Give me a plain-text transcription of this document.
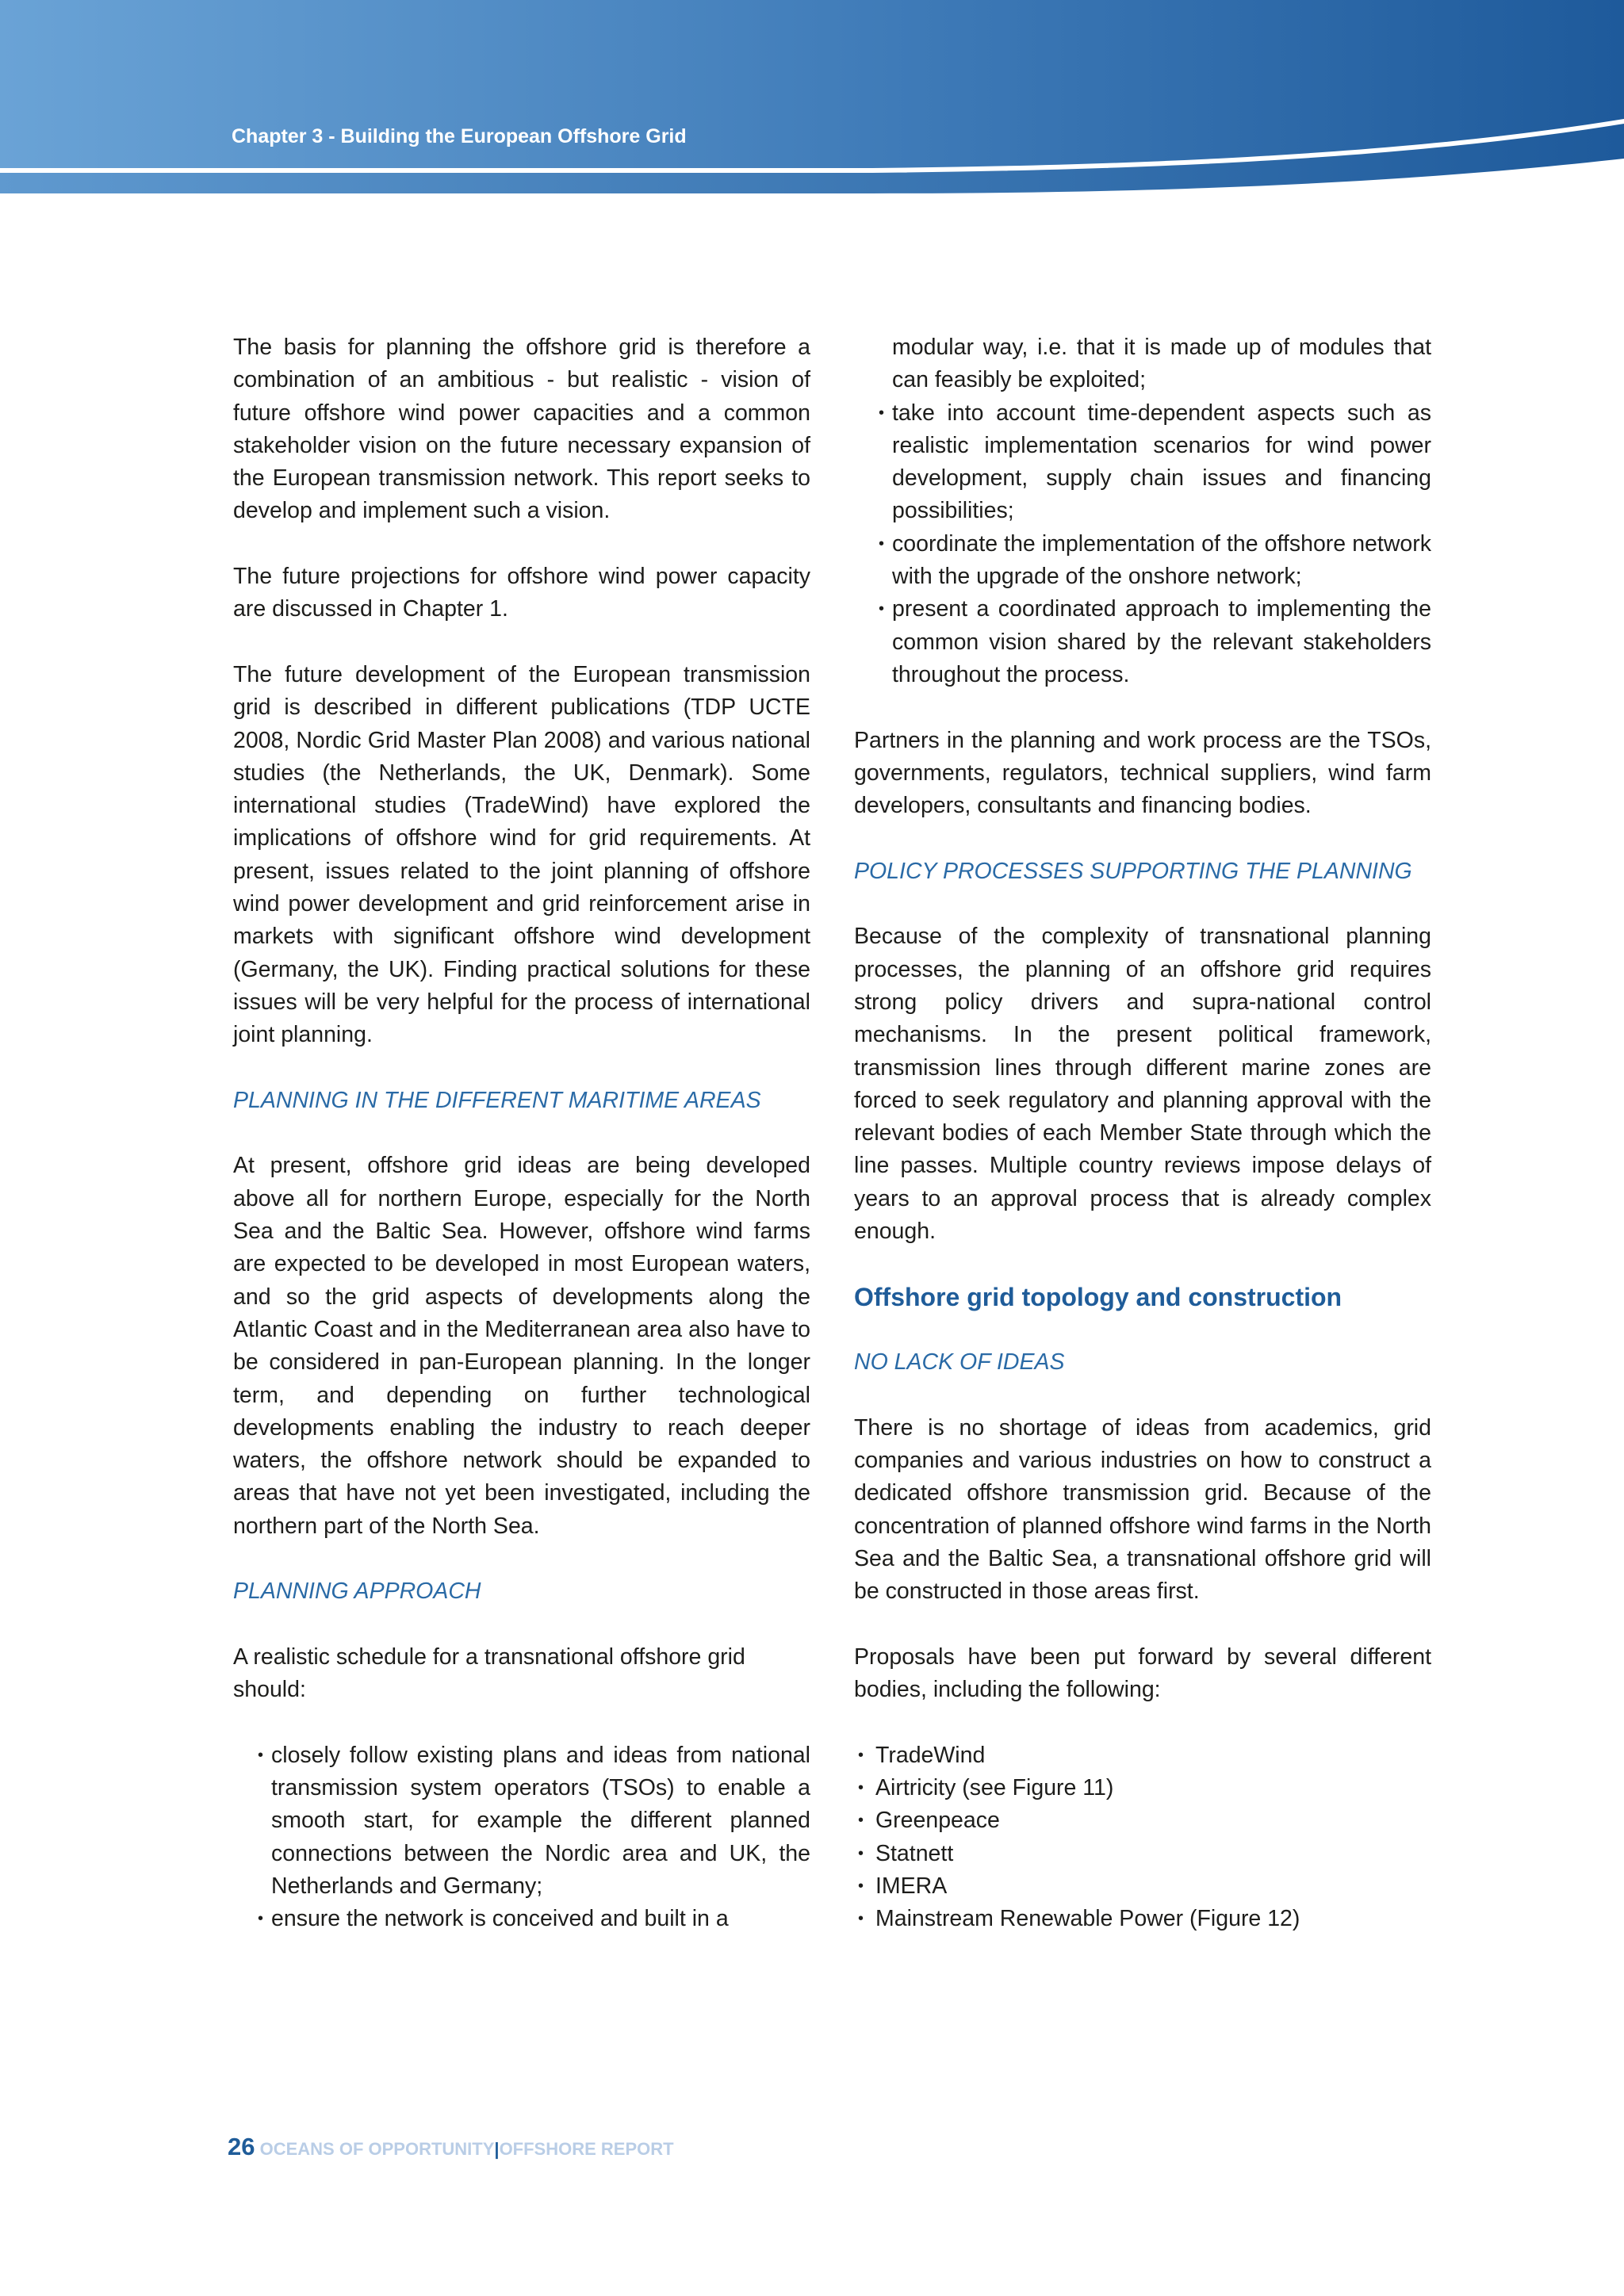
Chapter 3 - Building the European Offshore Grid

The basis for planning the offshore grid is therefore a combination of an ambitious - but realistic - vision of future offshore wind power capacities and a common stakeholder vision on the future necessary expansion of the European transmission network. This report seeks to develop and implement such a vision.

The future projections for offshore wind power capacity are discussed in Chapter 1.

The future development of the European transmission grid is described in different publications (TDP UCTE 2008, Nordic Grid Master Plan 2008) and various national studies (the Netherlands, the UK, Denmark). Some international studies (TradeWind) have explored the implications of offshore wind for grid requirements. At present, issues related to the joint planning of offshore wind power development and grid reinforcement arise in markets with significant offshore wind development (Germany, the UK). Finding practical solutions for these issues will be very helpful for the process of international joint planning.

PLANNING IN THE DIFFERENT MARITIME AREAS

At present, offshore grid ideas are being developed above all for northern Europe, especially for the North Sea and the Baltic Sea. However, offshore wind farms are expected to be developed in most European waters, and so the grid aspects of developments along the Atlantic Coast and in the Mediterranean area also have to be considered in pan-European planning. In the longer term, and depending on further technological developments enabling the industry to reach deeper waters, the offshore network should be expanded to areas that have not yet been investigated, including the northern part of the North Sea.

PLANNING APPROACH

A realistic schedule for a transnational offshore grid should:

• closely follow existing plans and ideas from national transmission system operators (TSOs) to enable a smooth start, for example the different planned connections between the Nordic area and UK, the Netherlands and Germany;
• ensure the network is conceived and built in a
modular way, i.e. that it is made up of modules that can feasibly be exploited;
• take into account time-dependent aspects such as realistic implementation scenarios for wind power development, supply chain issues and financing possibilities;
• coordinate the implementation of the offshore network with the upgrade of the onshore network;
• present a coordinated approach to implementing the common vision shared by the relevant stakeholders throughout the process.

Partners in the planning and work process are the TSOs, governments, regulators, technical suppliers, wind farm developers, consultants and financing bodies.

POLICY PROCESSES SUPPORTING THE PLANNING

Because of the complexity of transnational planning processes, the planning of an offshore grid requires strong policy drivers and supra-national control mechanisms. In the present political framework, transmission lines through different marine zones are forced to seek regulatory and planning approval with the relevant bodies of each Member State through which the line passes. Multiple country reviews impose delays of years to an approval process that is already complex enough.

Offshore grid topology and construction
NO LACK OF IDEAS

There is no shortage of ideas from academics, grid companies and various industries on how to construct a dedicated offshore transmission grid. Because of the concentration of planned offshore wind farms in the North Sea and the Baltic Sea, a transnational offshore grid will be constructed in those areas first.

Proposals have been put forward by several different bodies, including the following:

• TradeWind
• Airtricity (see Figure 11)
• Greenpeace
• Statnett
• IMERA
• Mainstream Renewable Power (Figure 12)
26 OCEANS OF OPPORTUNITY|OFFSHORE REPORT
